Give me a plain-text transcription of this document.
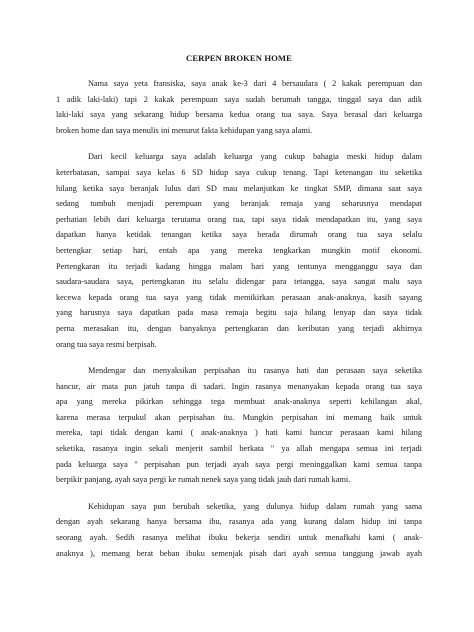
CERPEN BROKEN HOME
Nama saya yeta fransiska, saya anak ke-3 dari 4 bersaudara ( 2 kakak perempuan dan
1 adik laki-laki) tapi 2 kakak perempuan saya sudah berumah tangga, tinggal saya dan adik
laki-laki saya yang sekarang hidup bersama kedua orang tua saya. Saya berasal dari keluarga
broken home dan saya menulis ini menurut fakta kehidupan yang saya alami.
Dari kecil keluarga saya adalah keluarga yang cukup bahagia meski hidup dalam
keterbatasan, sampai saya kelas 6 SD hidup saya cukup tenang. Tapi ketenangan itu seketika
hilang ketika saya beranjak lulus dari SD mau melanjutkan ke tingkat SMP, dimana saat saya
sedang tumbuh menjadi perempuan yang beranjak remaja yang seharusnya mendapat
perhatian lebih dari keluarga terutama orang tua, tapi saya tidak mendapatkan itu, yang saya
dapatkan hanya ketidak tenangan ketika saya berada dirumah orang tua saya selalu
bertengkar setiap hari, entah apa yang mereka tengkarkan mungkin motif ekonomi.
Pertengkaran itu terjadi kadang hingga malam hari yang tentunya mengganggu saya dan
saudara-saudara saya, pertengkaran itu selalu didengar para tetangga, saya sangat malu saya
kecewa kepada orang tua saya yang tidak memikirkan perasaan anak-anaknya, kasih sayang
yang harusnya saya dapatkan pada masa remaja begitu saja hilang lenyap dan saya tidak
perna merasakan itu, dengan banyaknya pertengkaran dan keributan yang terjadi akhirnya
orang tua saya resmi berpisah.
Mendengar dan menyaksikan perpisahan itu rasanya hati dan perasaan saya seketika
hancur, air mata pun jatuh tanpa di sadari. Ingin rasanya menanyakan kepada orang tua saya
apa yang mereka pikirkan sehingga tega membuat anak-anaknya seperti kehilangan akal,
karena merasa terpukul akan perpisahan itu. Mungkin perpisahan ini memang baik untuk
mereka, tapi tidak dengan kami ( anak-anaknya ) hati kami hancur perasaan kami hilang
seketika, rasanya ingin sekali menjerit sambil berkata " ya allah mengapa semua ini terjadi
pada keluarga saya " perpisahan pun terjadi ayah saya pergi meninggalkan kami semua tanpa
berpikir panjang, ayah saya pergi ke rumah nenek saya yang tidak jauh dari rumah kami.
Kehidupan saya pun berubah seketika, yang dulunya hidup dalam rumah yang sama
dengan ayah sekarang hanya bersama ibu, rasanya ada yang kurang dalam hidup ini tanpa
seorang ayah. Sedih rasanya melihat ibuku bekerja sendiri untuk menafkahi kami ( anak-
anaknya ), memang berat beban ibuku semenjak pisah dari ayah semua tanggung jawab ayah
